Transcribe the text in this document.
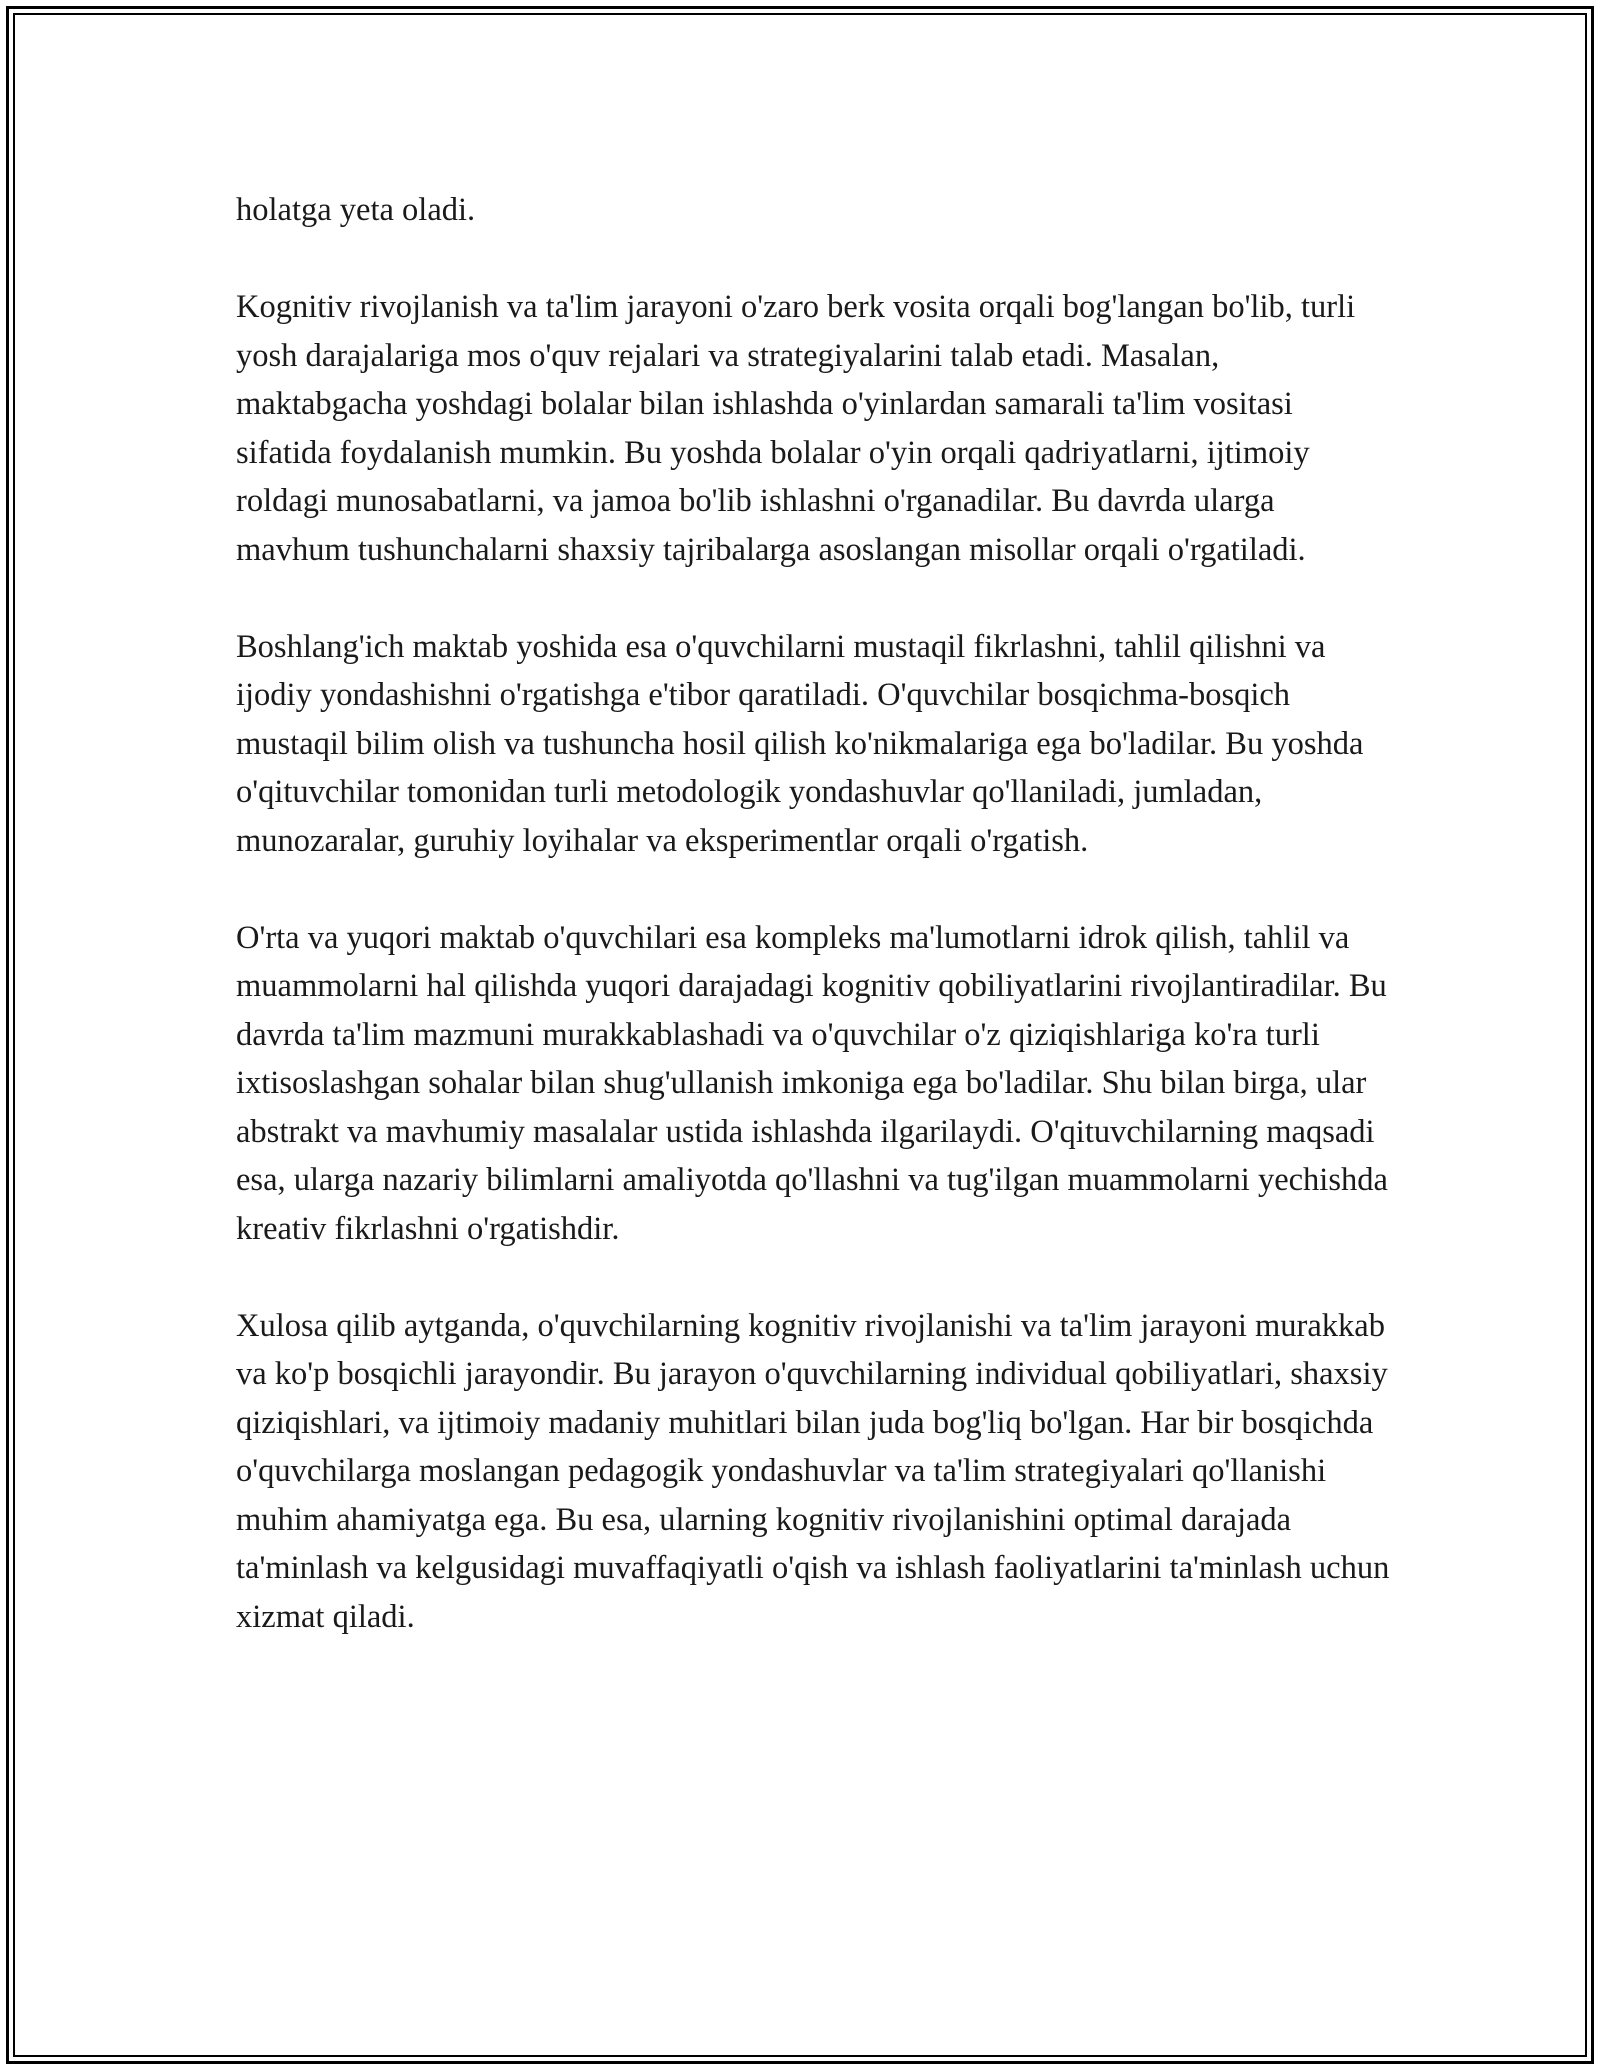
holatga yeta oladi.

Kognitiv rivojlanish va ta'lim jarayoni o'zaro berk vosita orqali bog'langan bo'lib, turli yosh darajalariga mos o'quv rejalari va strategiyalarini talab etadi. Masalan, maktabgacha yoshdagi bolalar bilan ishlashda o'yinlardan samarali ta'lim vositasi sifatida foydalanish mumkin. Bu yoshda bolalar o'yin orqali qadriyatlarni, ijtimoiy roldagi munosabatlarni, va jamoa bo'lib ishlashni o'rganadilar. Bu davrda ularga mavhum tushunchalarni shaxsiy tajribalarga asoslangan misollar orqali o'rgatiladi.

Boshlang'ich maktab yoshida esa o'quvchilarni mustaqil fikrlashni, tahlil qilishni va ijodiy yondashishni o'rgatishga e'tibor qaratiladi. O'quvchilar bosqichma-bosqich mustaqil bilim olish va tushuncha hosil qilish ko'nikmalariga ega bo'ladilar. Bu yoshda o'qituvchilar tomonidan turli metodologik yondashuvlar qo'llaniladi, jumladan, munozaralar, guruhiy loyihalar va eksperimentlar orqali o'rgatish.

O'rta va yuqori maktab o'quvchilari esa kompleks ma'lumotlarni idrok qilish, tahlil va muammolarni hal qilishda yuqori darajadagi kognitiv qobiliyatlarini rivojlantiradilar. Bu davrda ta'lim mazmuni murakkablashadi va o'quvchilar o'z qiziqishlariga ko'ra turli ixtisoslashgan sohalar bilan shug'ullanish imkoniga ega bo'ladilar. Shu bilan birga, ular abstrakt va mavhumiy masalalar ustida ishlashda ilgarilaydi. O'qituvchilarning maqsadi esa, ularga nazariy bilimlarni amaliyotda qo'llashni va tug'ilgan muammolarni yechishda kreativ fikrlashni o'rgatishdir.

Xulosa qilib aytganda, o'quvchilarning kognitiv rivojlanishi va ta'lim jarayoni murakkab va ko'p bosqichli jarayondir. Bu jarayon o'quvchilarning individual qobiliyatlari, shaxsiy qiziqishlari, va ijtimoiy madaniy muhitlari bilan juda bog'liq bo'lgan. Har bir bosqichda o'quvchilarga moslangan pedagogik yondashuvlar va ta'lim strategiyalari qo'llanishi muhim ahamiyatga ega. Bu esa, ularning kognitiv rivojlanishini optimal darajada ta'minlash va kelgusidagi muvaffaqiyatli o'qish va ishlash faoliyatlarini ta'minlash uchun xizmat qiladi.
